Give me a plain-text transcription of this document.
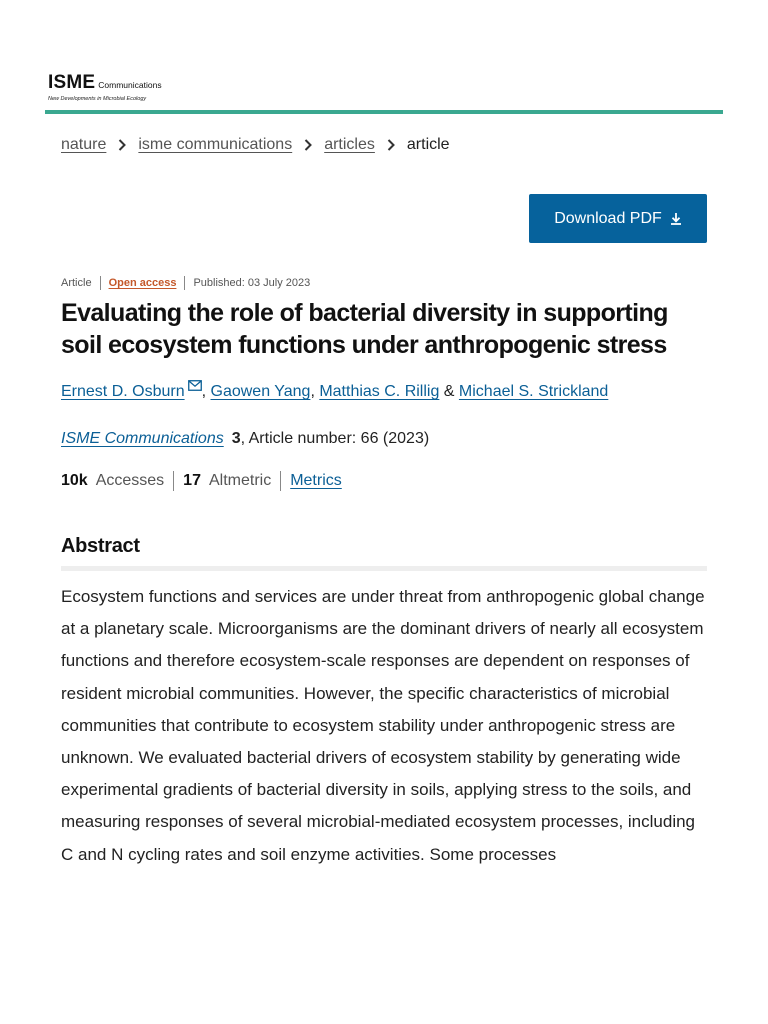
ISME Communications
New Developments in Microbial Ecology
nature isme communications articles article
Download PDF
Article Open access Published: 03 July 2023
Evaluating the role of bacterial diversity in supporting soil ecosystem functions under anthropogenic stress
Ernest D. Osburn , Gaowen Yang , Matthias C. Rillig & Michael S. Strickland
ISME Communications 3, Article number: 66 (2023)
10k Accesses 17 Altmetric Metrics
Abstract

Ecosystem functions and services are under threat from anthropogenic global change at a planetary scale. Microorganisms are the dominant drivers of nearly all ecosystem functions and therefore ecosystem-scale responses are dependent on responses of resident microbial communities. However, the specific characteristics of microbial communities that contribute to ecosystem stability under anthropogenic stress are unknown. We evaluated bacterial drivers of ecosystem stability by generating wide experimental gradients of bacterial diversity in soils, applying stress to the soils, and measuring responses of several microbial-mediated ecosystem processes, including C and N cycling rates and soil enzyme activities. Some processes
